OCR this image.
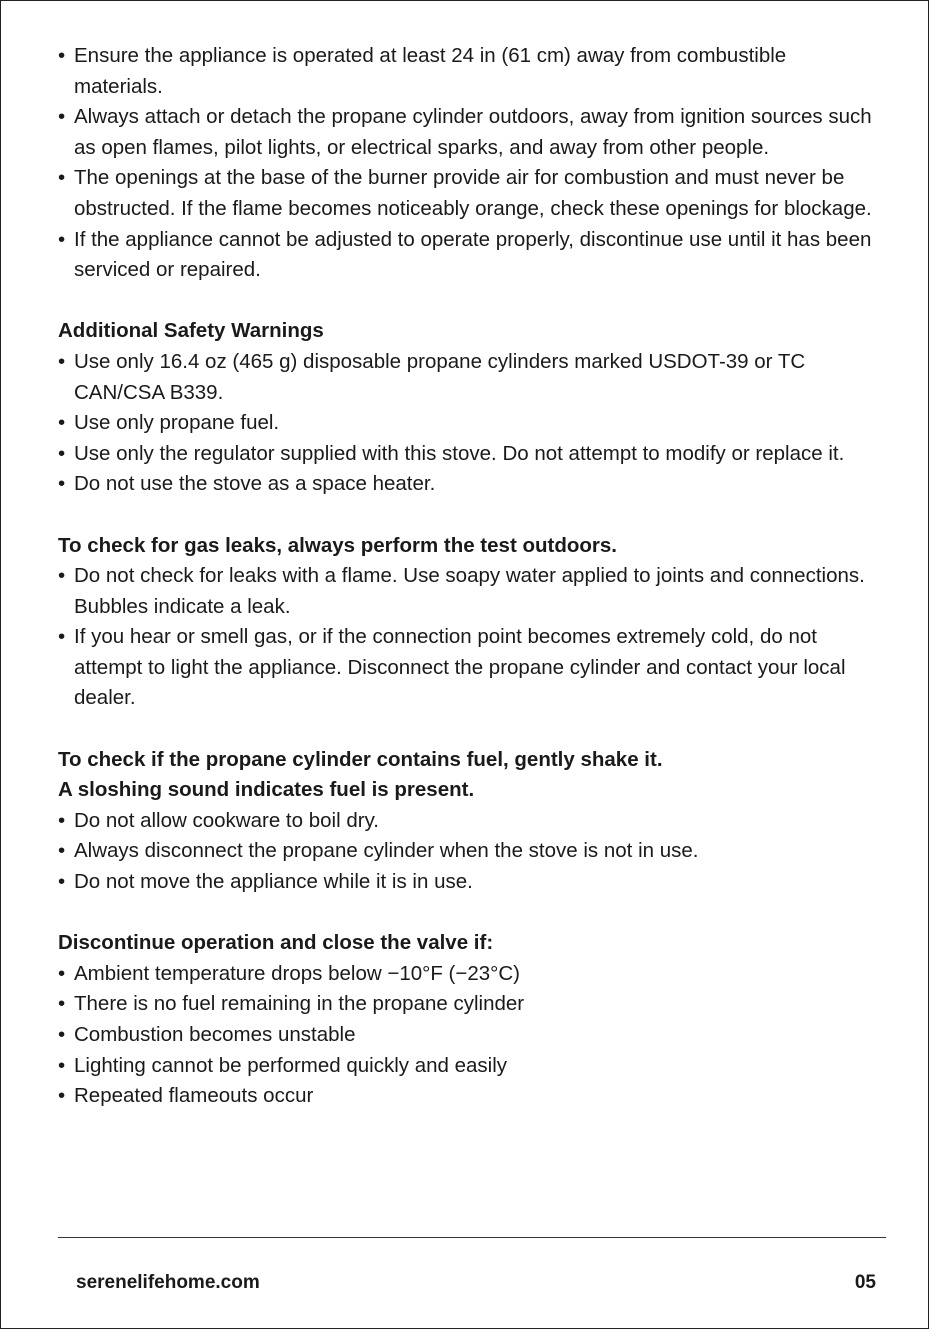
• Ensure the appliance is operated at least 24 in (61 cm) away from combustible materials.
• Always attach or detach the propane cylinder outdoors, away from ignition sources such as open flames, pilot lights, or electrical sparks, and away from other people.
• The openings at the base of the burner provide air for combustion and must never be obstructed. If the flame becomes noticeably orange, check these openings for blockage.
• If the appliance cannot be adjusted to operate properly, discontinue use until it has been serviced or repaired.

Additional Safety Warnings

• Use only 16.4 oz (465 g) disposable propane cylinders marked USDOT-39 or TC CAN/CSA B339.
• Use only propane fuel.
• Use only the regulator supplied with this stove. Do not attempt to modify or replace it.
• Do not use the stove as a space heater.

To check for gas leaks, always perform the test outdoors.

• Do not check for leaks with a flame. Use soapy water applied to joints and connections. Bubbles indicate a leak.
• If you hear or smell gas, or if the connection point becomes extremely cold, do not attempt to light the appliance. Disconnect the propane cylinder and contact your local dealer.

To check if the propane cylinder contains fuel, gently shake it.

A sloshing sound indicates fuel is present.

• Do not allow cookware to boil dry.
• Always disconnect the propane cylinder when the stove is not in use.
• Do not move the appliance while it is in use.

Discontinue operation and close the valve if:

• Ambient temperature drops below −10°F (−23°C)
• There is no fuel remaining in the propane cylinder
• Combustion becomes unstable
• Lighting cannot be performed quickly and easily
• Repeated flameouts occur
serenelifehome.com	05
